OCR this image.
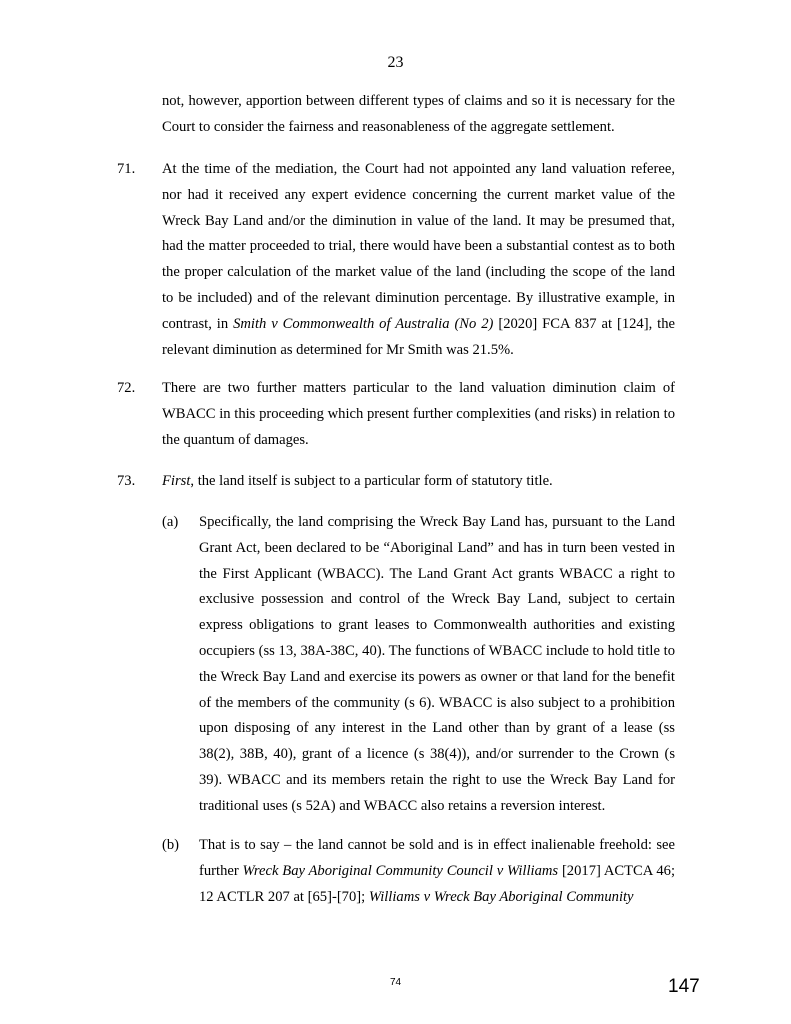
23
not, however, apportion between different types of claims and so it is necessary for the Court to consider the fairness and reasonableness of the aggregate settlement.
71. At the time of the mediation, the Court had not appointed any land valuation referee, nor had it received any expert evidence concerning the current market value of the Wreck Bay Land and/or the diminution in value of the land. It may be presumed that, had the matter proceeded to trial, there would have been a substantial contest as to both the proper calculation of the market value of the land (including the scope of the land to be included) and of the relevant diminution percentage. By illustrative example, in contrast, in Smith v Commonwealth of Australia (No 2) [2020] FCA 837 at [124], the relevant diminution as determined for Mr Smith was 21.5%.
72. There are two further matters particular to the land valuation diminution claim of WBACC in this proceeding which present further complexities (and risks) in relation to the quantum of damages.
73. First, the land itself is subject to a particular form of statutory title.
(a) Specifically, the land comprising the Wreck Bay Land has, pursuant to the Land Grant Act, been declared to be “Aboriginal Land” and has in turn been vested in the First Applicant (WBACC). The Land Grant Act grants WBACC a right to exclusive possession and control of the Wreck Bay Land, subject to certain express obligations to grant leases to Commonwealth authorities and existing occupiers (ss 13, 38A-38C, 40). The functions of WBACC include to hold title to the Wreck Bay Land and exercise its powers as owner or that land for the benefit of the members of the community (s 6). WBACC is also subject to a prohibition upon disposing of any interest in the Land other than by grant of a lease (ss 38(2), 38B, 40), grant of a licence (s 38(4)), and/or surrender to the Crown (s 39). WBACC and its members retain the right to use the Wreck Bay Land for traditional uses (s 52A) and WBACC also retains a reversion interest.
(b) That is to say – the land cannot be sold and is in effect inalienable freehold: see further Wreck Bay Aboriginal Community Council v Williams [2017] ACTCA 46; 12 ACTLR 207 at [65]-[70]; Williams v Wreck Bay Aboriginal Community
74	147
